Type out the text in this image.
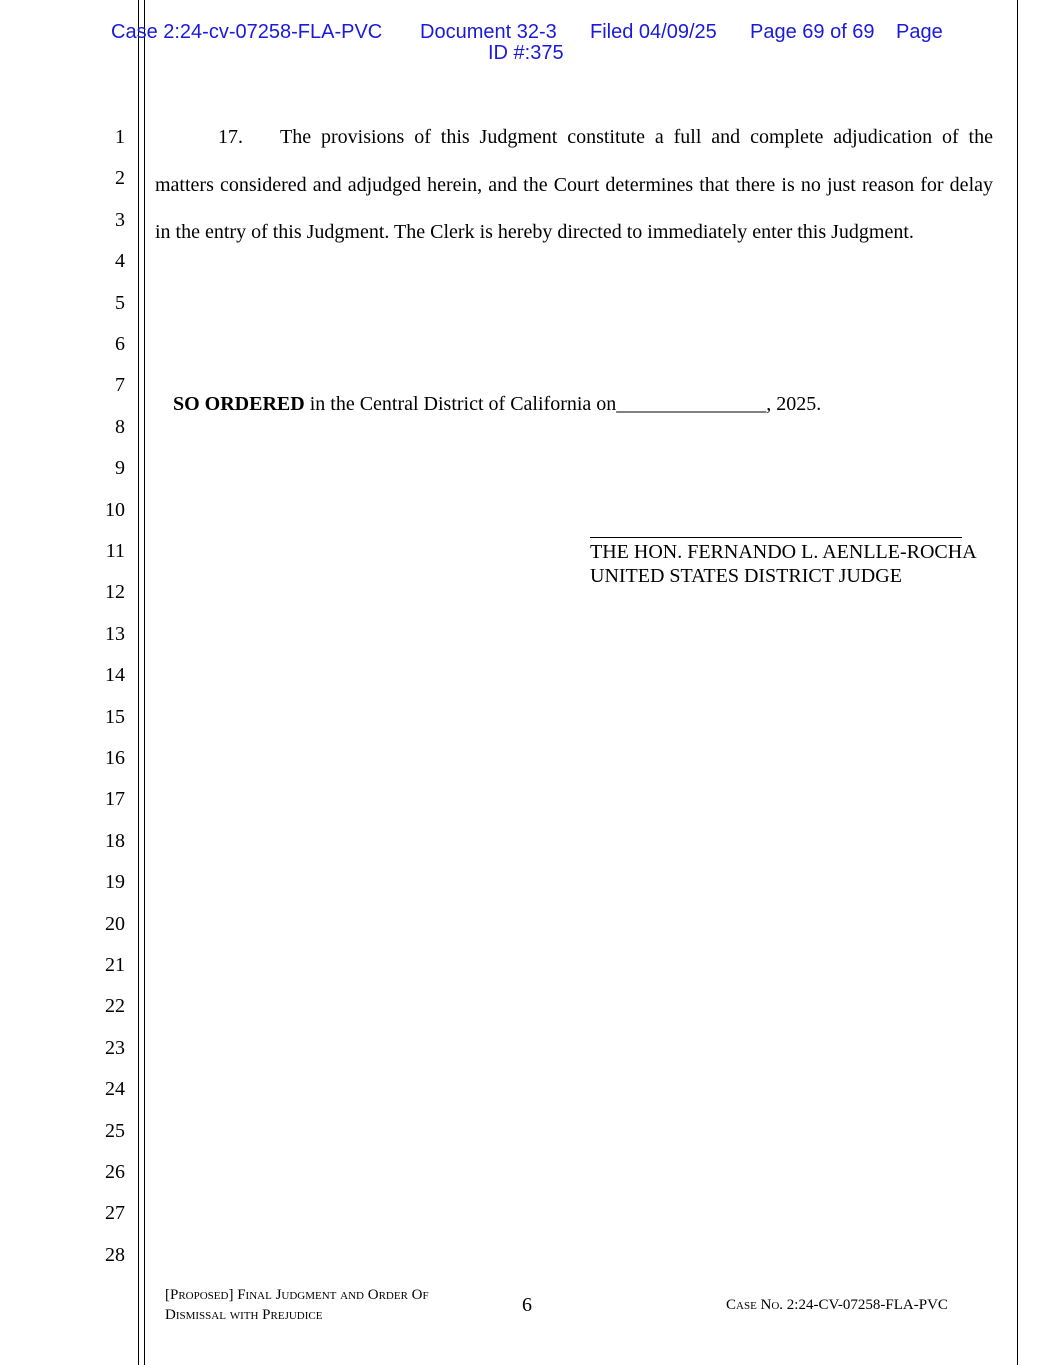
Case 2:24-cv-07258-FLA-PVC Document 32-3 Filed 04/09/25 Page 69 of 69 Page
ID #:375
1
2
3
4
5
6
7
8
9
10
11
12
13
14
15
16
17
18
19
20
21
22
23
24
25
26
27
28
17. The provisions of this Judgment constitute a full and complete adjudication of the
matters considered and adjudged herein, and the Court determines that there is no just reason for delay
in the entry of this Judgment. The Clerk is hereby directed to immediately enter this Judgment.
SO ORDERED in the Central District of California on_______________, 2025.
THE HON. FERNANDO L. AENLLE-ROCHA
UNITED STATES DISTRICT JUDGE
[Proposed] Final Judgment and Order Of
Dismissal with Prejudice	6	Case No. 2:24-CV-07258-FLA-PVC
